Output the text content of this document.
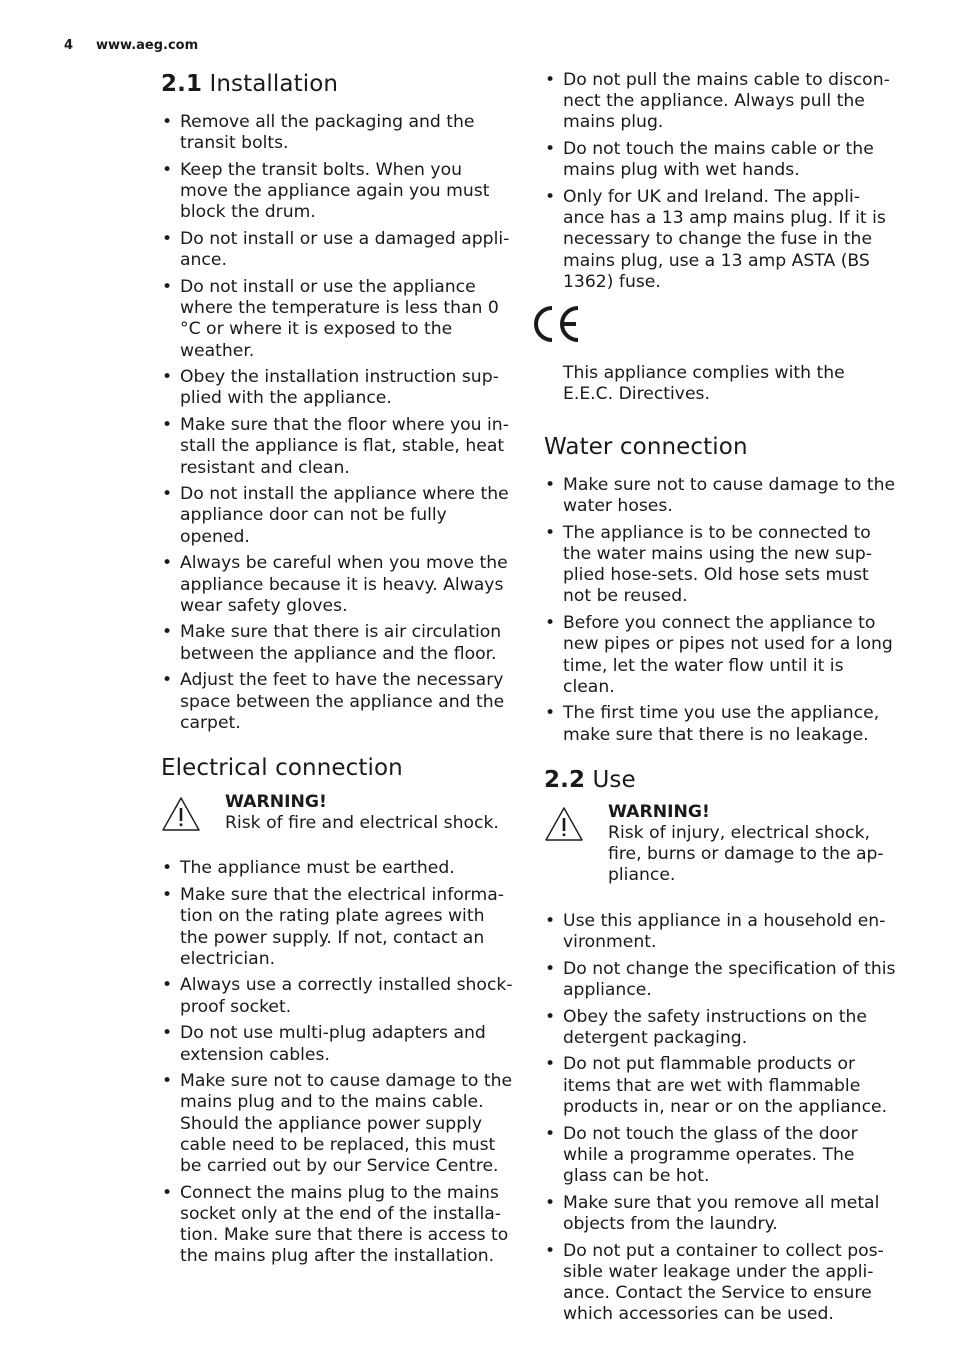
4 www.aeg.com
2.1 Installation
• Remove all the packaging and the transit bolts.
• Keep the transit bolts. When you move the appliance again you must block the drum.
• Do not install or use a damaged appli-ance.
• Do not install or use the appliance where the temperature is less than 0 °C or where it is exposed to the weather.
• Obey the installation instruction sup-plied with the appliance.
• Make sure that the floor where you in-stall the appliance is flat, stable, heat resistant and clean.
• Do not install the appliance where the appliance door can not be fully opened.
• Always be careful when you move the appliance because it is heavy. Always wear safety gloves.
• Make sure that there is air circulation between the appliance and the floor.
• Adjust the feet to have the necessary space between the appliance and the carpet.
Electrical connection
WARNING!
Risk of fire and electrical shock.
• The appliance must be earthed.
• Make sure that the electrical informa-tion on the rating plate agrees with the power supply. If not, contact an electrician.
• Always use a correctly installed shock-proof socket.
• Do not use multi-plug adapters and extension cables.
• Make sure not to cause damage to the mains plug and to the mains cable. Should the appliance power supply cable need to be replaced, this must be carried out by our Service Centre.
• Connect the mains plug to the mains socket only at the end of the installa-tion. Make sure that there is access to the mains plug after the installation.
• Do not pull the mains cable to discon-nect the appliance. Always pull the mains plug.
• Do not touch the mains cable or the mains plug with wet hands.
• Only for UK and Ireland. The appli-ance has a 13 amp mains plug. If it is necessary to change the fuse in the mains plug, use a 13 amp ASTA (BS 1362) fuse.
This appliance complies with the E.E.C. Directives.
Water connection
• Make sure not to cause damage to the water hoses.
• The appliance is to be connected to the water mains using the new sup-plied hose-sets. Old hose sets must not be reused.
• Before you connect the appliance to new pipes or pipes not used for a long time, let the water flow until it is clean.
• The first time you use the appliance, make sure that there is no leakage.
2.2 Use
WARNING!
Risk of injury, electrical shock, fire, burns or damage to the ap-pliance.
• Use this appliance in a household en-vironment.
• Do not change the specification of this appliance.
• Obey the safety instructions on the detergent packaging.
• Do not put flammable products or items that are wet with flammable products in, near or on the appliance.
• Do not touch the glass of the door while a programme operates. The glass can be hot.
• Make sure that you remove all metal objects from the laundry.
• Do not put a container to collect pos-sible water leakage under the appli-ance. Contact the Service to ensure which accessories can be used.
